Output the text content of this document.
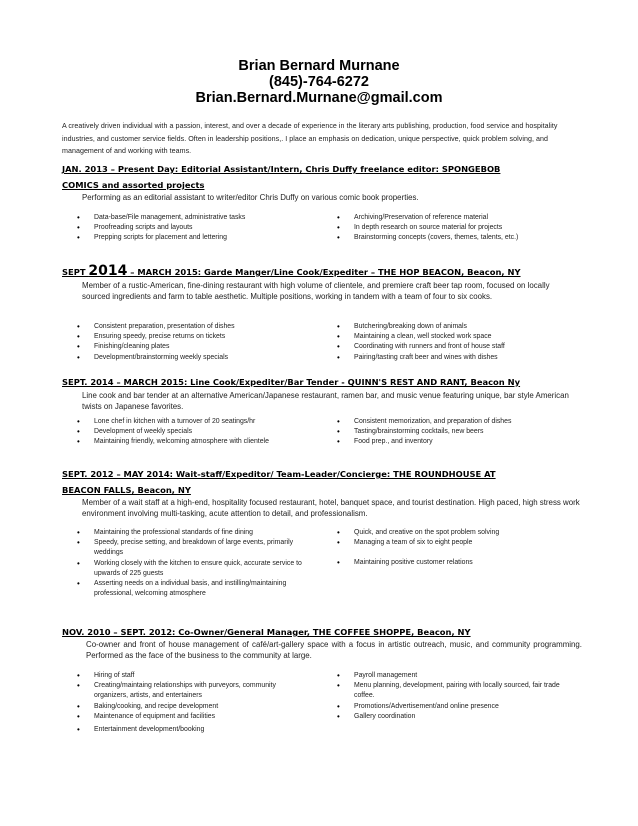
Brian Bernard Murnane
(845)-764-6272
Brian.Bernard.Murnane@gmail.com
A creatively driven individual with a passion, interest, and over a decade of experience in the literary arts publishing, production, food service and hospitality industries, and customer service fields. Often in leadership positions,. I place an emphasis on dedication, unique perspective, quick problem solving, and management of and working with teams.
JAN. 2013 – Present Day: Editorial Assistant/Intern, Chris Duffy freelance editor: SPONGEBOB
COMICS and assorted projects
Performing as an editorial assistant to writer/editor Chris Duffy on various comic book properties.
• Data-base/File management, administrative tasks
• Proofreading scripts and layouts
• Prepping scripts for placement and lettering
• Archiving/Preservation of reference material
• In depth research on source material for projects
• Brainstorming concepts (covers, themes, talents, etc.)
SEPT 2014 – MARCH 2015: Garde Manger/Line Cook/Expediter – THE HOP BEACON, Beacon, NY
Member of a rustic-American, fine-dining restaurant with high volume of clientele, and premiere craft beer tap room, focused on locally sourced ingredients and farm to table aesthetic. Multiple positions, working in tandem with a team of four to six cooks.
• Consistent preparation, presentation of dishes
• Ensuring speedy, precise returns on tickets
• Finishing/cleaning plates
• Development/brainstorming weekly specials
• Butchering/breaking down of animals
• Maintaining a clean, well stocked work space
• Coordinating with runners and front of house staff
• Pairing/tasting craft beer and wines with dishes
SEPT. 2014 – MARCH 2015: Line Cook/Expediter/Bar Tender - QUINN'S REST AND RANT, Beacon Ny
Line cook and bar tender at an alternative American/Japanese restaurant, ramen bar, and music venue featuring unique, bar style American twists on Japanese favorites.
• Lone chef in kitchen with a turnover of 20 seatings/hr
• Development of weekly specials
• Maintaining friendly, welcoming atmosphere with clientele
• Consistent memorization, and preparation of dishes
• Tasting/brainstorming cocktails, new beers
• Food prep., and inventory
SEPT. 2012 – MAY 2014: Wait-staff/Expeditor/ Team-Leader/Concierge: THE ROUNDHOUSE AT
BEACON FALLS, Beacon, NY
Member of a wait staff at a high-end, hospitality focused restaurant, hotel, banquet space, and tourist destination. High paced, high stress work environment involving multi-tasking, acute attention to detail, and professionalism.
• Maintaining the professional standards of fine dining
• Speedy, precise setting, and breakdown of large events, primarily weddings
• Working closely with the kitchen to ensure quick, accurate service to upwards of 225 guests
• Asserting needs on a individual basis, and instilling/maintaining professional, welcoming atmosphere
• Quick, and creative on the spot problem solving
• Managing a team of six to eight people
• Maintaining positive customer relations
NOV. 2010 – SEPT. 2012: Co-Owner/General Manager, THE COFFEE SHOPPE, Beacon, NY
Co-owner and front of house management of café/art-gallery space with a focus in artistic outreach, music, and community programming. Performed as the face of the business to the community at large.
• Hiring of staff
• Creating/maintaing relationships with purveyors, community organizers, artists, and entertainers
• Baking/cooking, and recipe development
• Maintenance of equipment and facilities
• Entertainment development/booking
• Payroll management
• Menu planning, development, pairing with locally sourced, fair trade coffee.
• Promotions/Advertisement/and online presence
• Gallery coordination
